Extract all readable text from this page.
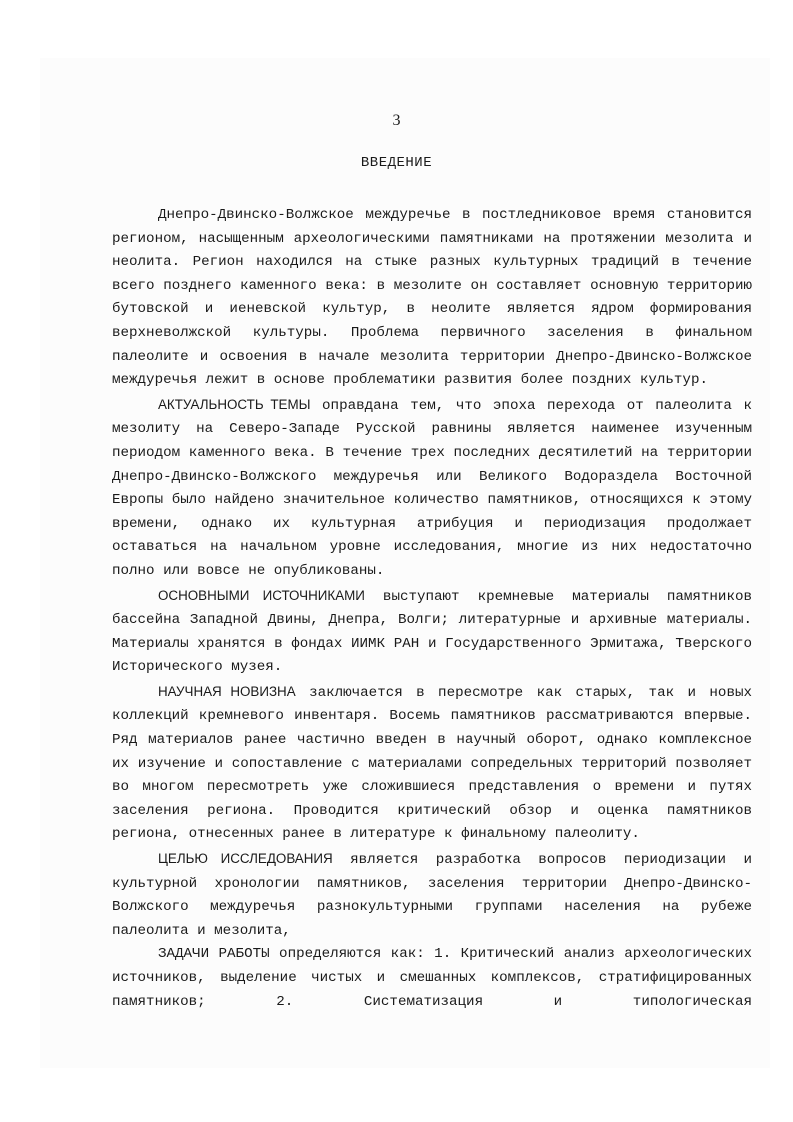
3
ВВЕДЕНИЕ

Днепро-Двинско-Волжское междуречье в постледниковое время становится регионом, насыщенным археологическими памятниками на протяжении мезолита и неолита. Регион находился на стыке разных культурных традиций в течение всего позднего каменного века: в мезолите он составляет основную территорию бутовской и иеневской культур, в неолите является ядром формирования верхневолжской культуры. Проблема первичного заселения в финальном палеолите и освоения в начале мезолита территории Днепро-Двинско-Волжское междуречья лежит в основе проблематики развития более поздних культур.

АКТУАЛЬНОСТЬ ТЕМЫ оправдана тем, что эпоха перехода от палеолита к мезолиту на Северо-Западе Русской равнины является наименее изученным периодом каменного века. В течение трех последних десятилетий на территории Днепро-Двинско-Волжского междуречья или Великого Водораздела Восточной Европы было найдено значительное количество памятников, относящихся к этому времени, однако их культурная атрибуция и периодизация продолжает оставаться на начальном уровне исследования, многие из них недостаточно полно или вовсе не опубликованы.

ОСНОВНЫМИ ИСТОЧНИКАМИ выступают кремневые материалы памятников бассейна Западной Двины, Днепра, Волги; литературные и архивные материалы. Материалы хранятся в фондах ИИМК РАН и Государственного Эрмитажа, Тверского Исторического музея.

НАУЧНАЯ НОВИЗНА заключается в пересмотре как старых, так и новых коллекций кремневого инвентаря. Восемь памятников рассматриваются впервые. Ряд материалов ранее частично введен в научный оборот, однако комплексное их изучение и сопоставление с материалами сопредельных территорий позволяет во многом пересмотреть уже сложившиеся представления о времени и путях заселения региона. Проводится критический обзор и оценка памятников региона, отнесенных ранее в литературе к финальному палеолиту.

ЦЕЛЬЮ ИССЛЕДОВАНИЯ является разработка вопросов периодизации и культурной хронологии памятников, заселения территории Днепро-Двинско-Волжского междуречья разнокультурными группами населения на рубеже палеолита и мезолита,

ЗАДАЧИ РАБОТЫ определяются как: 1. Критический анализ археологических источников, выделение чистых и смешанных комплексов, стратифицированных памятников; 2. Систематизация и типологическая
